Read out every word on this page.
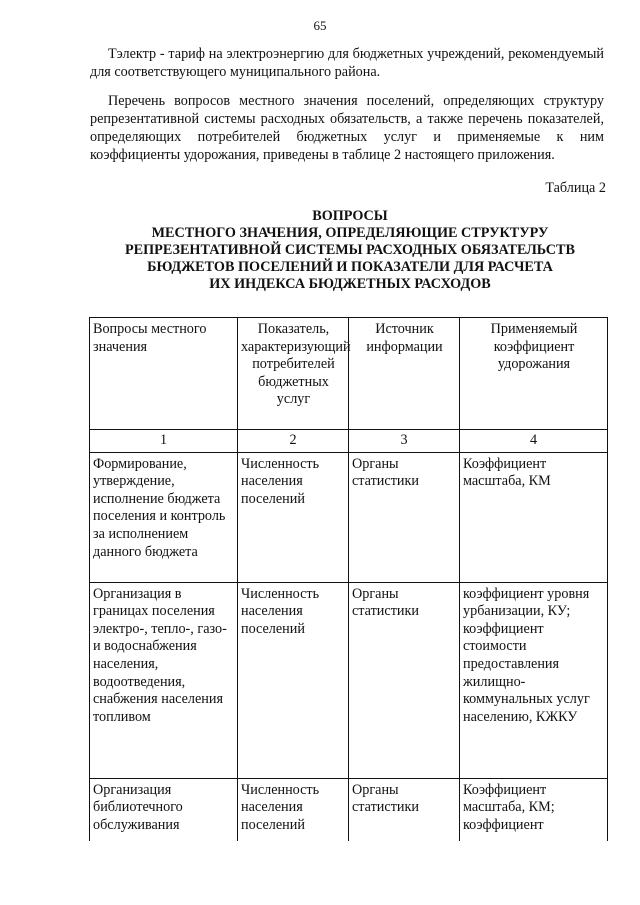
65

Тэлектр - тариф на электроэнергию для бюджетных учреждений, рекомендуемый для соответствующего муниципального района.

Перечень вопросов местного значения поселений, определяющих структуру репрезентативной системы расходных обязательств, а также перечень показателей, определяющих потребителей бюджетных услуг и применяемые к ним коэффициенты удорожания, приведены в таблице 2 настоящего приложения.

Таблица 2
ВОПРОСЫ
МЕСТНОГО ЗНАЧЕНИЯ, ОПРЕДЕЛЯЮЩИЕ СТРУКТУРУ
РЕПРЕЗЕНТАТИВНОЙ СИСТЕМЫ РАСХОДНЫХ ОБЯЗАТЕЛЬСТВ
БЮДЖЕТОВ ПОСЕЛЕНИЙ И ПОКАЗАТЕЛИ ДЛЯ РАСЧЕТА
ИХ ИНДЕКСА БЮДЖЕТНЫХ РАСХОДОВ
Вопросы местного значения	Показатель, характеризующий потребителей бюджетных услуг	Источник информации	Применяемый коэффициент удорожания
1	2	3	4
Формирование, утверждение, исполнение бюджета поселения и контроль за исполнением данного бюджета	Численность населения поселений	Органы статистики	Коэффициент масштаба, КМ
Организация в границах поселения электро-, тепло-, газо- и водоснабжения населения, водоотведения, снабжения населения топливом	Численность населения поселений	Органы статистики	коэффициент уровня урбанизации, КУ; коэффициент стоимости предоставления жилищно-коммунальных услуг населению, КЖКУ
Организация библиотечного обслуживания	Численность населения поселений	Органы статистики	Коэффициент масштаба, КМ; коэффициент
